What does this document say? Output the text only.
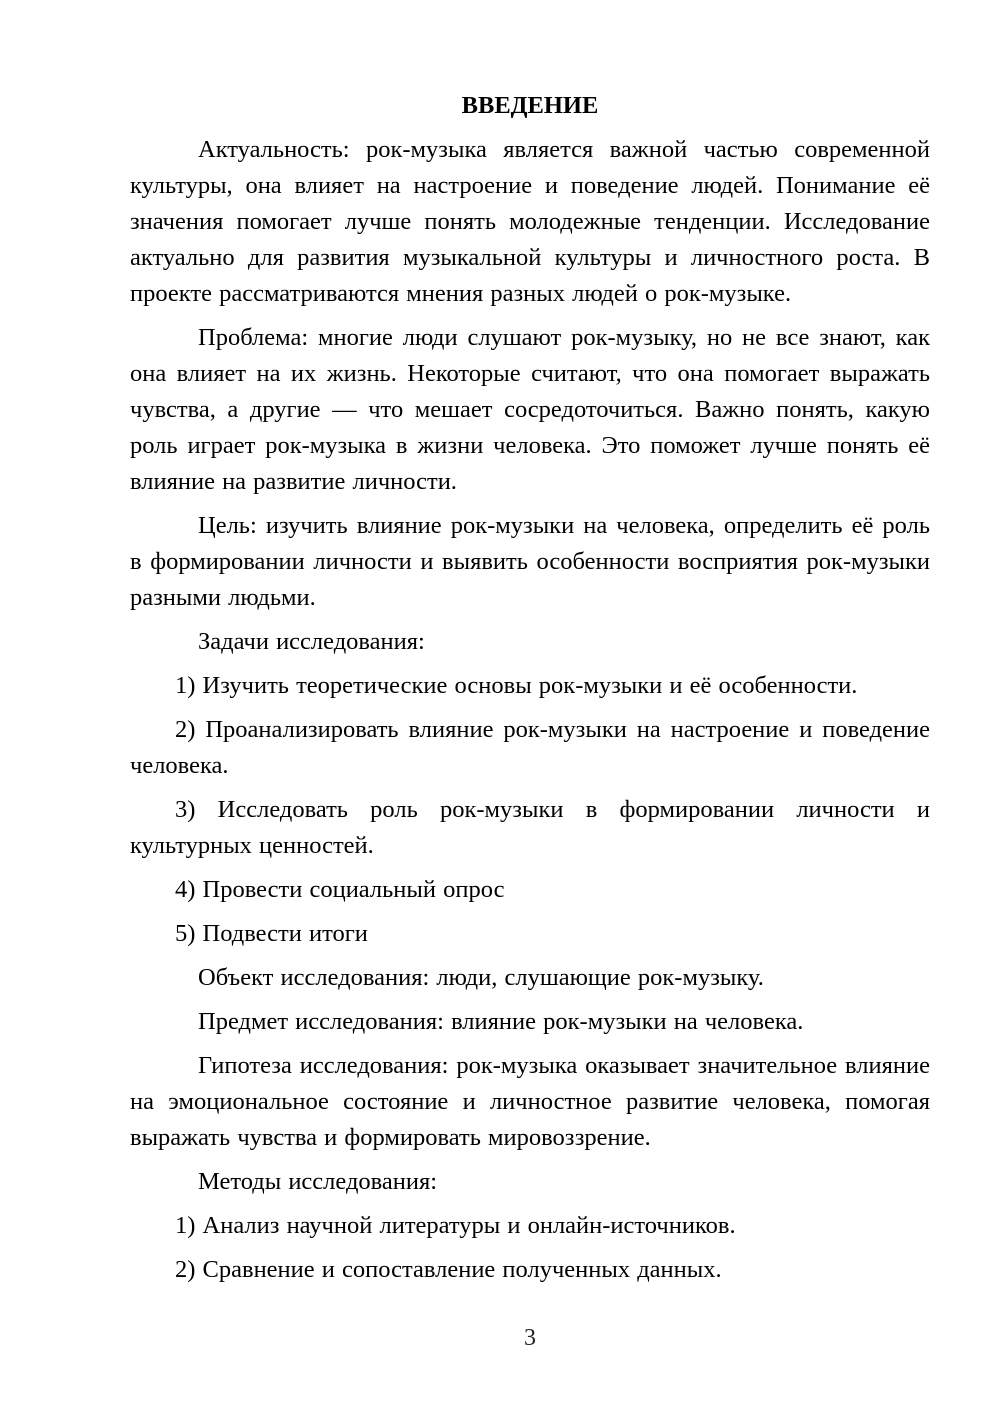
ВВЕДЕНИЕ

Актуальность: рок-музыка является важной частью современной культуры, она влияет на настроение и поведение людей. Понимание её значения помогает лучше понять молодежные тенденции. Исследование актуально для развития музыкальной культуры и личностного роста. В проекте рассматриваются мнения разных людей о рок-музыке.

Проблема: многие люди слушают рок-музыку, но не все знают, как она влияет на их жизнь. Некоторые считают, что она помогает выражать чувства, а другие — что мешает сосредоточиться. Важно понять, какую роль играет рок-музыка в жизни человека. Это поможет лучше понять её влияние на развитие личности.

Цель: изучить влияние рок-музыки на человека, определить её роль в формировании личности и выявить особенности восприятия рок-музыки разными людьми.

Задачи исследования:

1) Изучить теоретические основы рок-музыки и её особенности.

2) Проанализировать влияние рок-музыки на настроение и поведение человека.

3) Исследовать роль рок-музыки в формировании личности и культурных ценностей.

4) Провести социальный опрос

5) Подвести итоги

Объект исследования: люди, слушающие рок-музыку.

Предмет исследования: влияние рок-музыки на человека.

Гипотеза исследования: рок-музыка оказывает значительное влияние на эмоциональное состояние и личностное развитие человека, помогая выражать чувства и формировать мировоззрение.

Методы исследования:

1) Анализ научной литературы и онлайн-источников.

2) Сравнение и сопоставление полученных данных.

3
